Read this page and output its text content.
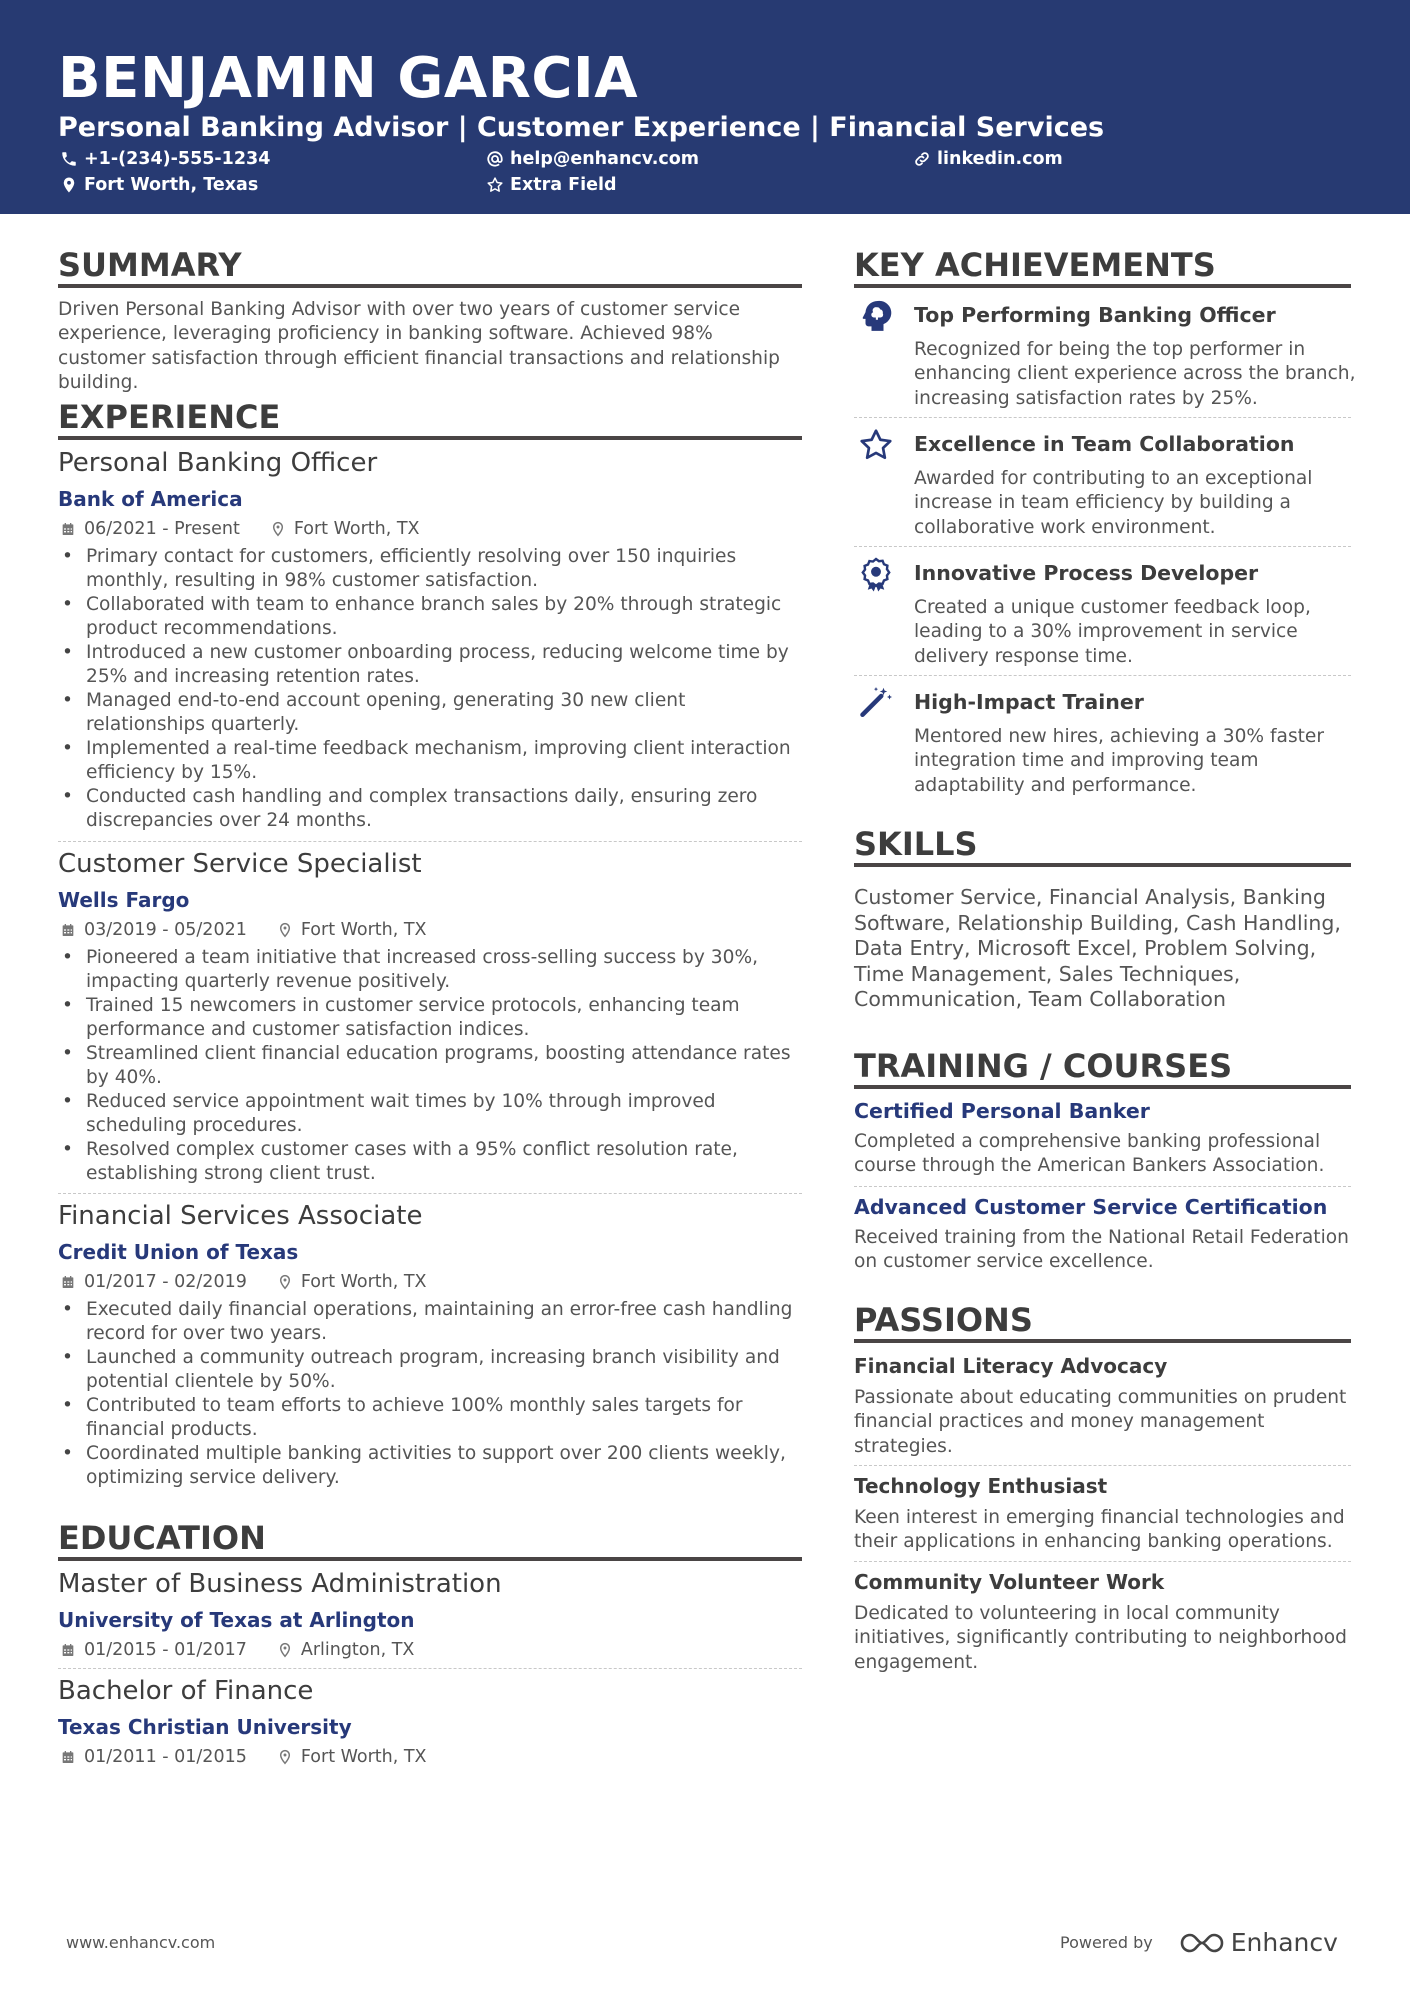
BENJAMIN GARCIA
Personal Banking Advisor | Customer Experience | Financial Services
+1-(234)-555-1234	help@enhancv.com	linkedin.com
Fort Worth, Texas	Extra Field
SUMMARY
Driven Personal Banking Advisor with over two years of customer service experience, leveraging proficiency in banking software. Achieved 98% customer satisfaction through efficient financial transactions and relationship building.
EXPERIENCE
Personal Banking Officer
Bank of America
06/2021 - Present	Fort Worth, TX
• Primary contact for customers, efficiently resolving over 150 inquiries monthly, resulting in 98% customer satisfaction.
• Collaborated with team to enhance branch sales by 20% through strategic product recommendations.
• Introduced a new customer onboarding process, reducing welcome time by 25% and increasing retention rates.
• Managed end-to-end account opening, generating 30 new client relationships quarterly.
• Implemented a real-time feedback mechanism, improving client interaction efficiency by 15%.
• Conducted cash handling and complex transactions daily, ensuring zero discrepancies over 24 months.
Customer Service Specialist
Wells Fargo
03/2019 - 05/2021	Fort Worth, TX
• Pioneered a team initiative that increased cross-selling success by 30%, impacting quarterly revenue positively.
• Trained 15 newcomers in customer service protocols, enhancing team performance and customer satisfaction indices.
• Streamlined client financial education programs, boosting attendance rates by 40%.
• Reduced service appointment wait times by 10% through improved scheduling procedures.
• Resolved complex customer cases with a 95% conflict resolution rate, establishing strong client trust.
Financial Services Associate
Credit Union of Texas
01/2017 - 02/2019	Fort Worth, TX
• Executed daily financial operations, maintaining an error-free cash handling record for over two years.
• Launched a community outreach program, increasing branch visibility and potential clientele by 50%.
• Contributed to team efforts to achieve 100% monthly sales targets for financial products.
• Coordinated multiple banking activities to support over 200 clients weekly, optimizing service delivery.
EDUCATION
Master of Business Administration
University of Texas at Arlington
01/2015 - 01/2017	Arlington, TX
Bachelor of Finance
Texas Christian University
01/2011 - 01/2015	Fort Worth, TX
KEY ACHIEVEMENTS
Top Performing Banking Officer
Recognized for being the top performer in enhancing client experience across the branch, increasing satisfaction rates by 25%.
Excellence in Team Collaboration
Awarded for contributing to an exceptional increase in team efficiency by building a collaborative work environment.
Innovative Process Developer
Created a unique customer feedback loop, leading to a 30% improvement in service delivery response time.
High-Impact Trainer
Mentored new hires, achieving a 30% faster integration time and improving team adaptability and performance.
SKILLS
Customer Service, Financial Analysis, Banking Software, Relationship Building, Cash Handling, Data Entry, Microsoft Excel, Problem Solving, Time Management, Sales Techniques, Communication, Team Collaboration
TRAINING / COURSES
Certified Personal Banker
Completed a comprehensive banking professional course through the American Bankers Association.
Advanced Customer Service Certification
Received training from the National Retail Federation on customer service excellence.
PASSIONS
Financial Literacy Advocacy
Passionate about educating communities on prudent financial practices and money management strategies.
Technology Enthusiast
Keen interest in emerging financial technologies and their applications in enhancing banking operations.
Community Volunteer Work
Dedicated to volunteering in local community initiatives, significantly contributing to neighborhood engagement.
www.enhancv.com	Powered by	Enhancv
